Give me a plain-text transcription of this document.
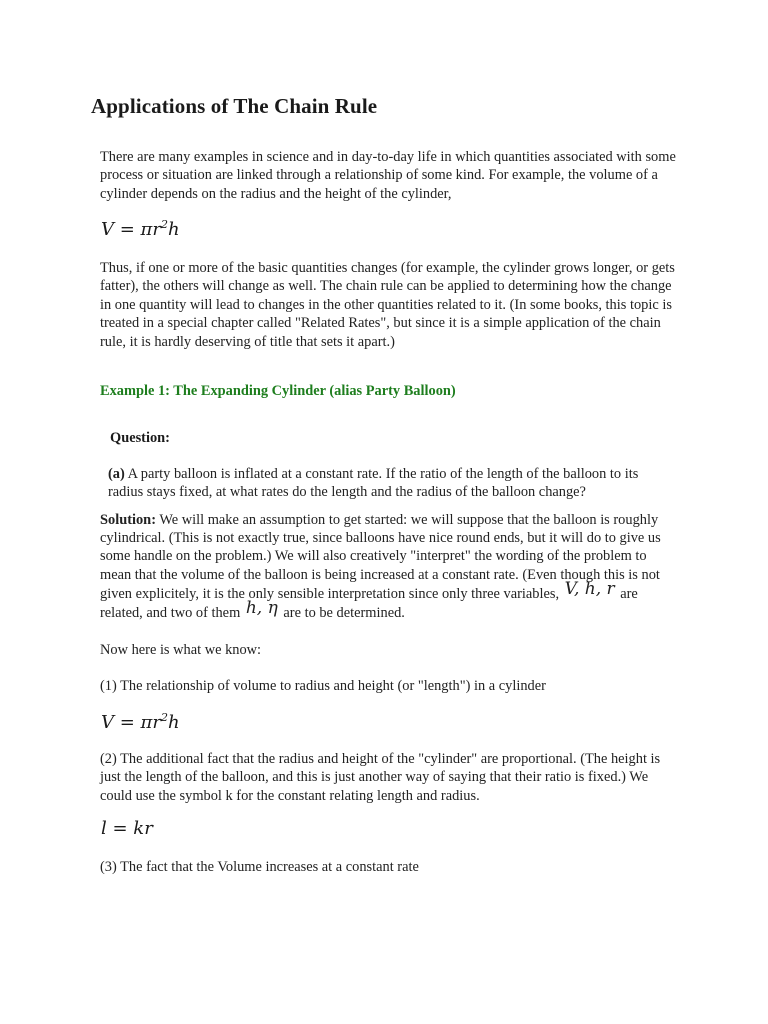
Applications of The Chain Rule

There are many examples in science and in day-to-day life in which quantities associated with some process or situation are linked through a relationship of some kind. For example, the volume of a cylinder depends on the radius and the height of the cylinder,

$V = \pi r^2h$

Thus, if one or more of the basic quantities changes (for example, the cylinder grows longer, or gets fatter), the others will change as well. The chain rule can be applied to determining how the change in one quantity will lead to changes in the other quantities related to it. (In some books, this topic is treated in a special chapter called "Related Rates", but since it is a simple application of the chain rule, it is hardly deserving of title that sets it apart.)

Example 1: The Expanding Cylinder (alias Party Balloon)
Question:

(a) A party balloon is inflated at a constant rate. If the ratio of the length of the balloon to its radius stays fixed, at what rates do the length and the radius of the balloon change?

Solution: We will make an assumption to get started: we will suppose that the balloon is roughly cylindrical. (This is not exactly true, since balloons have nice round ends, but it will do to give us some handle on the problem.) We will also creatively "interpret" the wording of the problem to mean that the volume of the balloon is being increased at a constant rate. (Even though this is not given explicitely, it is the only sensible interpretation since only three variables, V, h, r are related, and two of them h, η are to be determined.

Now here is what we know:

(1) The relationship of volume to radius and height (or "length") in a cylinder

$V = \pi r^2h$

(2) The additional fact that the radius and height of the "cylinder" are proportional. (The height is just the length of the balloon, and this is just another way of saying that their ratio is fixed.) We could use the symbol k for the constant relating length and radius.

l = kr

(3) The fact that the Volume increases at a constant rate
